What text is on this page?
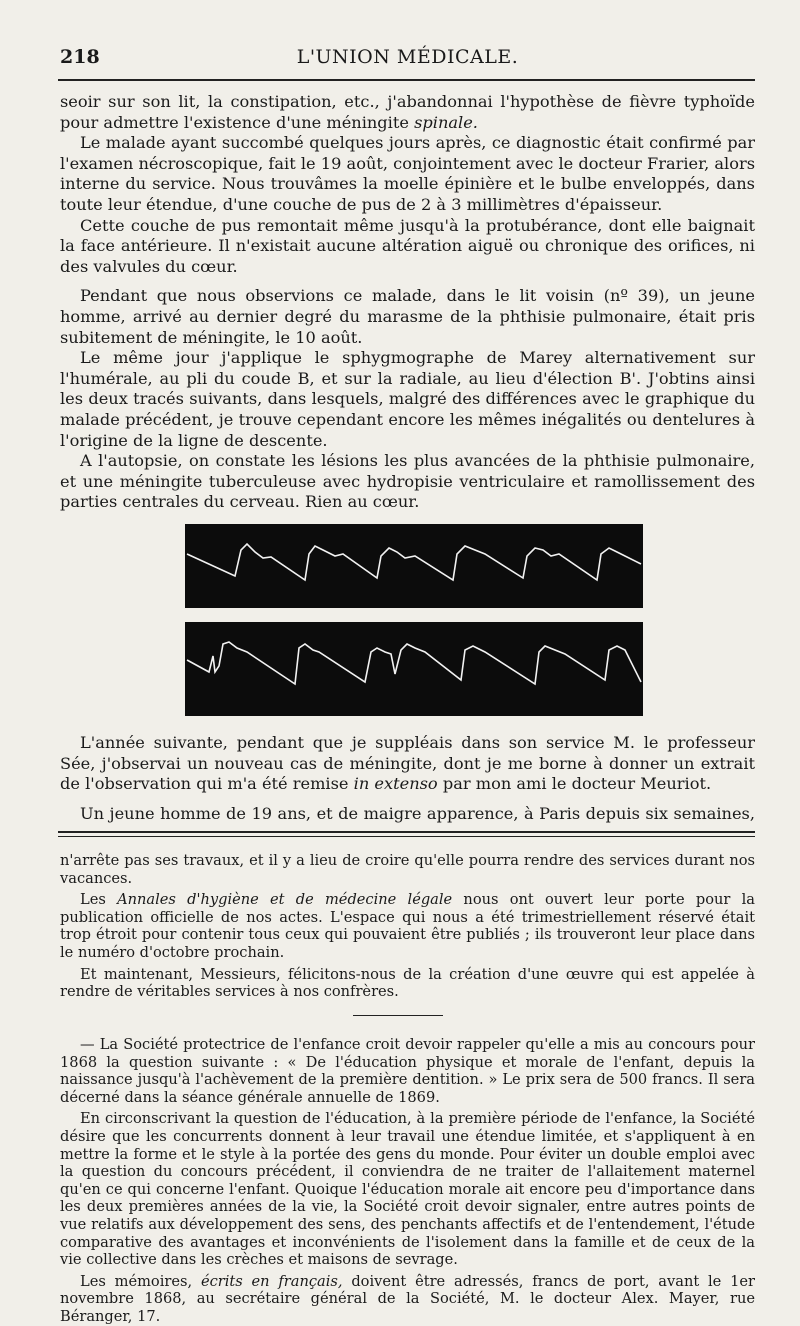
218	L'UNION MÉDICALE.

seoir sur son lit, la constipation, etc., j'abandonnai l'hypothèse de fièvre typhoïde pour admettre l'existence d'une méningite spinale.

Le malade ayant succombé quelques jours après, ce diagnostic était confirmé par l'examen nécroscopique, fait le 19 août, conjointement avec le docteur Frarier, alors interne du service. Nous trouvâmes la moelle épinière et le bulbe enveloppés, dans toute leur étendue, d'une couche de pus de 2 à 3 millimètres d'épaisseur.

Cette couche de pus remontait même jusqu'à la protubérance, dont elle baignait la face antérieure. Il n'existait aucune altération aiguë ou chronique des orifices, ni des valvules du cœur.

Pendant que nous observions ce malade, dans le lit voisin (nº 39), un jeune homme, arrivé au dernier degré du marasme de la phthisie pulmonaire, était pris subitement de méningite, le 10 août.

Le même jour j'applique le sphygmographe de Marey alternativement sur l'humérale, au pli du coude B, et sur la radiale, au lieu d'élection B'. J'obtins ainsi les deux tracés suivants, dans lesquels, malgré des différences avec le graphique du malade précédent, je trouve cependant encore les mêmes inégalités ou dentelures à l'origine de la ligne de descente.

A l'autopsie, on constate les lésions les plus avancées de la phthisie pulmonaire, et une méningite tuberculeuse avec hydropisie ventriculaire et ramollissement des parties centrales du cerveau. Rien au cœur.

L'année suivante, pendant que je suppléais dans son service M. le professeur Sée, j'observai un nouveau cas de méningite, dont je me borne à donner un extrait de l'observation qui m'a été remise in extenso par mon ami le docteur Meuriot.

Un jeune homme de 19 ans, et de maigre apparence, à Paris depuis six semaines,

n'arrête pas ses travaux, et il y a lieu de croire qu'elle pourra rendre des services durant nos vacances.

Les Annales d'hygiène et de médecine légale nous ont ouvert leur porte pour la publication officielle de nos actes. L'espace qui nous a été trimestriellement réservé était trop étroit pour contenir tous ceux qui pouvaient être publiés ; ils trouveront leur place dans le numéro d'octobre prochain.

Et maintenant, Messieurs, félicitons-nous de la création d'une œuvre qui est appelée à rendre de véritables services à nos confrères.

— La Société protectrice de l'enfance croit devoir rappeler qu'elle a mis au concours pour 1868 la question suivante : « De l'éducation physique et morale de l'enfant, depuis la naissance jusqu'à l'achèvement de la première dentition. » Le prix sera de 500 francs. Il sera décerné dans la séance générale annuelle de 1869.

En circonscrivant la question de l'éducation, à la première période de l'enfance, la Société désire que les concurrents donnent à leur travail une étendue limitée, et s'appliquent à en mettre la forme et le style à la portée des gens du monde. Pour éviter un double emploi avec la question du concours précédent, il conviendra de ne traiter de l'allaitement maternel qu'en ce qui concerne l'enfant. Quoique l'éducation morale ait encore peu d'importance dans les deux premières années de la vie, la Société croit devoir signaler, entre autres points de vue relatifs aux développement des sens, des penchants affectifs et de l'entendement, l'étude comparative des avantages et inconvénients de l'isolement dans la famille et de ceux de la vie collective dans les crèches et maisons de sevrage.

Les mémoires, écrits en français, doivent être adressés, francs de port, avant le 1er novembre 1868, au secrétaire général de la Société, M. le docteur Alex. Mayer, rue Béranger, 17.
